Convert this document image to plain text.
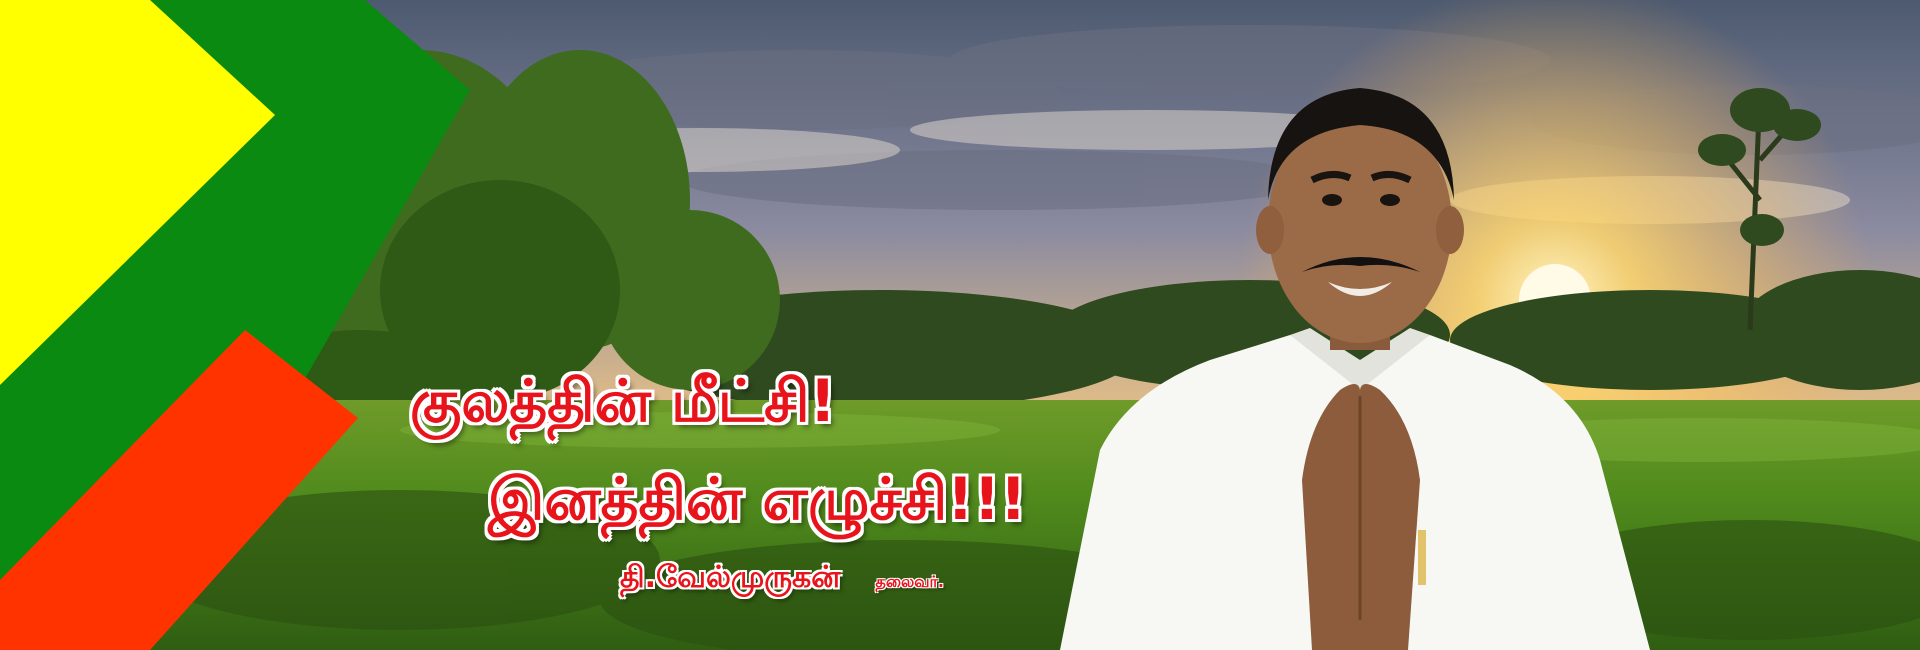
குலத்தின் மீட்சி!
இனத்தின் எழுச்சி!!!
தி.வேல்முருகன் தலைவர்.
